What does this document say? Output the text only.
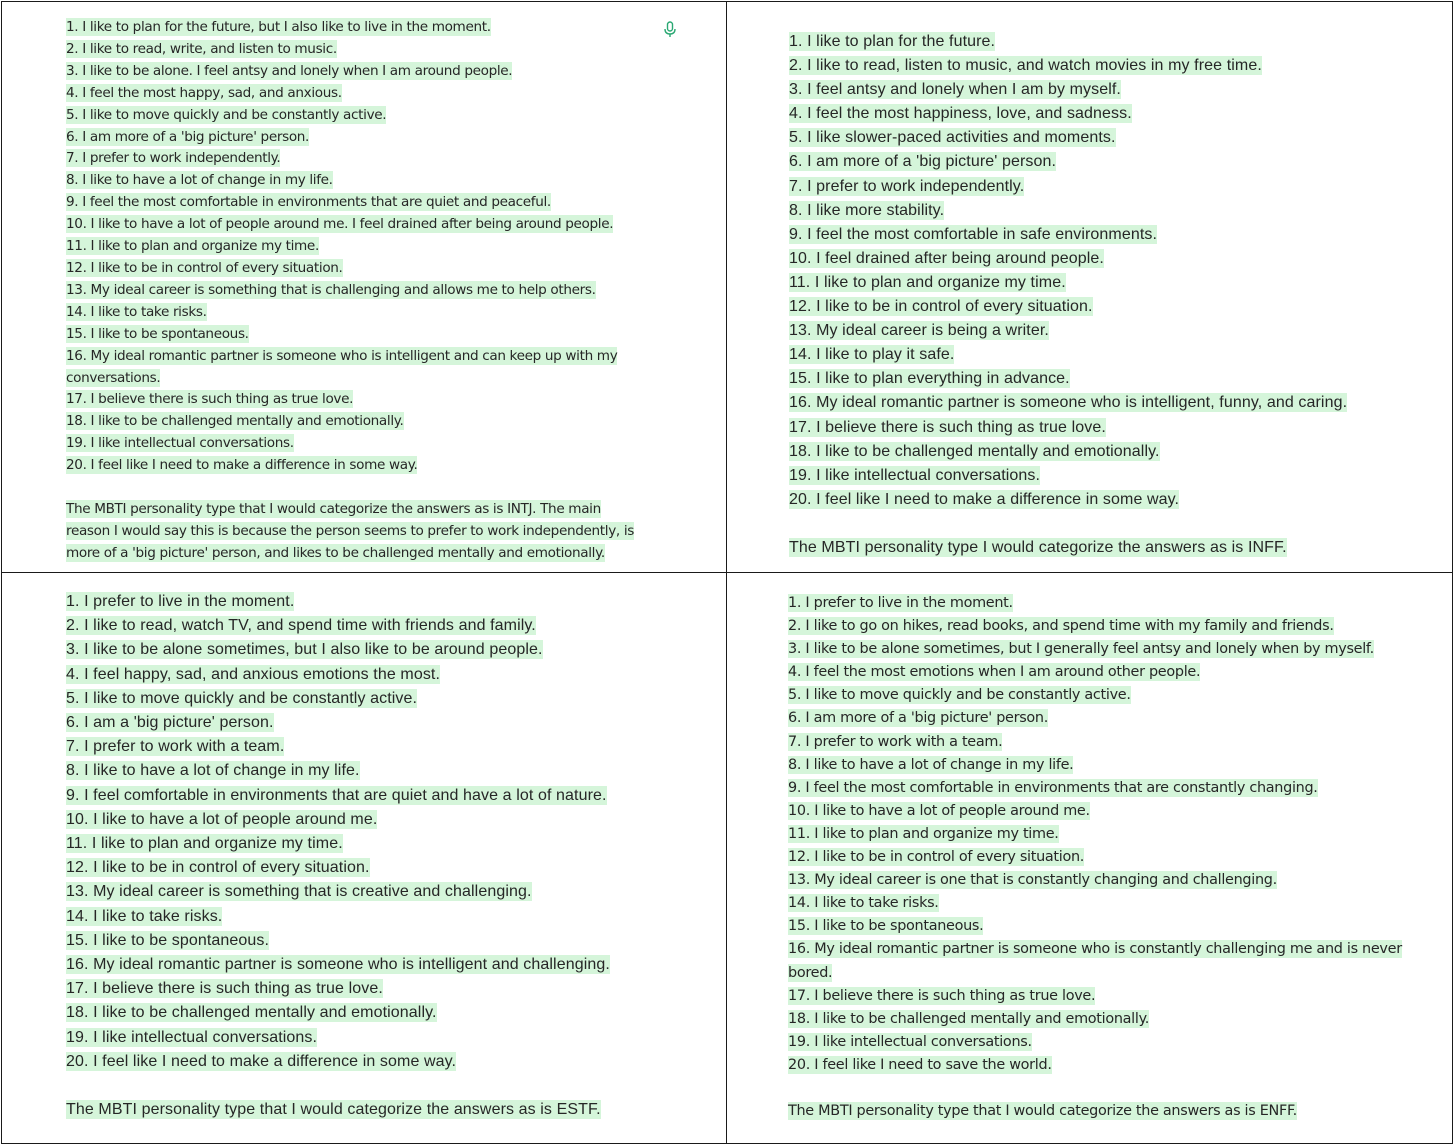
1. I like to plan for the future, but I also like to live in the moment.
2. I like to read, write, and listen to music.
3. I like to be alone. I feel antsy and lonely when I am around people.
4. I feel the most happy, sad, and anxious.
5. I like to move quickly and be constantly active.
6. I am more of a 'big picture' person.
7. I prefer to work independently.
8. I like to have a lot of change in my life.
9. I feel the most comfortable in environments that are quiet and peaceful.
10. I like to have a lot of people around me. I feel drained after being around people.
11. I like to plan and organize my time.
12. I like to be in control of every situation.
13. My ideal career is something that is challenging and allows me to help others.
14. I like to take risks.
15. I like to be spontaneous.
16. My ideal romantic partner is someone who is intelligent and can keep up with my conversations.
17. I believe there is such thing as true love.
18. I like to be challenged mentally and emotionally.
19. I like intellectual conversations.
20. I feel like I need to make a difference in some way.
The MBTI personality type that I would categorize the answers as is INTJ. The main reason I would say this is because the person seems to prefer to work independently, is more of a 'big picture' person, and likes to be challenged mentally and emotionally.
1. I like to plan for the future.
2. I like to read, listen to music, and watch movies in my free time.
3. I feel antsy and lonely when I am by myself.
4. I feel the most happiness, love, and sadness.
5. I like slower-paced activities and moments.
6. I am more of a 'big picture' person.
7. I prefer to work independently.
8. I like more stability.
9. I feel the most comfortable in safe environments.
10. I feel drained after being around people.
11. I like to plan and organize my time.
12. I like to be in control of every situation.
13. My ideal career is being a writer.
14. I like to play it safe.
15. I like to plan everything in advance.
16. My ideal romantic partner is someone who is intelligent, funny, and caring.
17. I believe there is such thing as true love.
18. I like to be challenged mentally and emotionally.
19. I like intellectual conversations.
20. I feel like I need to make a difference in some way.
The MBTI personality type I would categorize the answers as is INFF.
1. I prefer to live in the moment.
2. I like to read, watch TV, and spend time with friends and family.
3. I like to be alone sometimes, but I also like to be around people.
4. I feel happy, sad, and anxious emotions the most.
5. I like to move quickly and be constantly active.
6. I am a 'big picture' person.
7. I prefer to work with a team.
8. I like to have a lot of change in my life.
9. I feel comfortable in environments that are quiet and have a lot of nature.
10. I like to have a lot of people around me.
11. I like to plan and organize my time.
12. I like to be in control of every situation.
13. My ideal career is something that is creative and challenging.
14. I like to take risks.
15. I like to be spontaneous.
16. My ideal romantic partner is someone who is intelligent and challenging.
17. I believe there is such thing as true love.
18. I like to be challenged mentally and emotionally.
19. I like intellectual conversations.
20. I feel like I need to make a difference in some way.
The MBTI personality type that I would categorize the answers as is ESTF.
1. I prefer to live in the moment.
2. I like to go on hikes, read books, and spend time with my family and friends.
3. I like to be alone sometimes, but I generally feel antsy and lonely when by myself.
4. I feel the most emotions when I am around other people.
5. I like to move quickly and be constantly active.
6. I am more of a 'big picture' person.
7. I prefer to work with a team.
8. I like to have a lot of change in my life.
9. I feel the most comfortable in environments that are constantly changing.
10. I like to have a lot of people around me.
11. I like to plan and organize my time.
12. I like to be in control of every situation.
13. My ideal career is one that is constantly changing and challenging.
14. I like to take risks.
15. I like to be spontaneous.
16. My ideal romantic partner is someone who is constantly challenging me and is never bored.
17. I believe there is such thing as true love.
18. I like to be challenged mentally and emotionally.
19. I like intellectual conversations.
20. I feel like I need to save the world.
The MBTI personality type that I would categorize the answers as is ENFF.
